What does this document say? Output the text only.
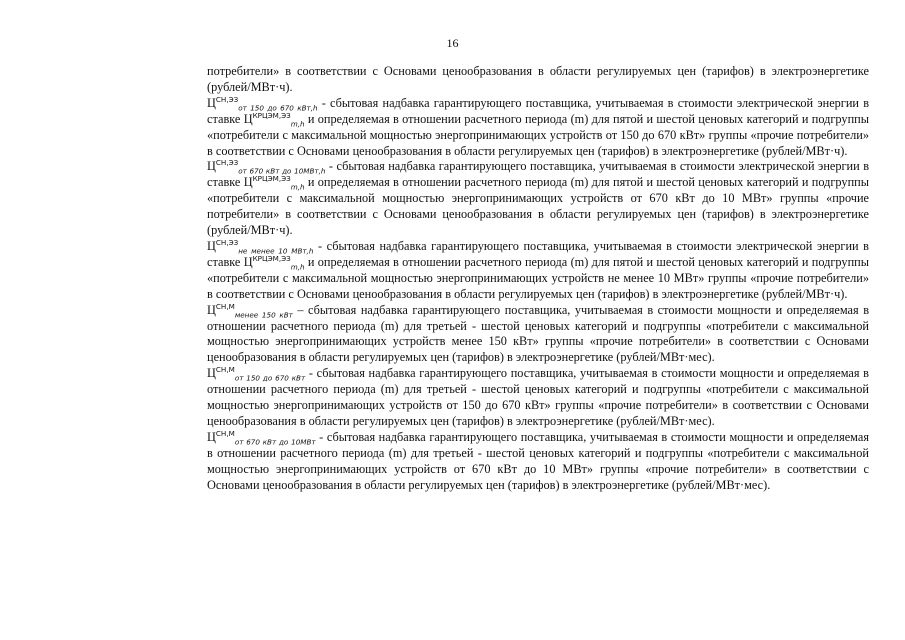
16

потребители» в соответствии с Основами ценообразования в области регулируемых цен (тарифов) в электроэнергетике (рублей/МВт·ч).

$Ц^{СН,ЭЗ}_{от 150 до 670 кВт,h}$ - сбытовая надбавка гарантирующего поставщика, учитываемая в стоимости электрической энергии в ставке $Ц^{КРЦЭМ,ЭЗ}_{m,h}$ и определяемая в отношении расчетного периода (m) для пятой и шестой ценовых категорий и подгруппы «потребители с максимальной мощностью энергопринимающих устройств от 150 до 670 кВт» группы «прочие потребители» в соответствии с Основами ценообразования в области регулируемых цен (тарифов) в электроэнергетике (рублей/МВт·ч).

$Ц^{СН,ЭЗ}_{от 670 кВт до 10МВт,h}$ - сбытовая надбавка гарантирующего поставщика, учитываемая в стоимости электрической энергии в ставке $Ц^{КРЦЭМ,ЭЗ}_{m,h}$ и определяемая в отношении расчетного периода (m) для пятой и шестой ценовых категорий и подгруппы «потребители с максимальной мощностью энергопринимающих устройств от 670 кВт до 10 МВт» группы «прочие потребители» в соответствии с Основами ценообразования в области регулируемых цен (тарифов) в электроэнергетике (рублей/МВт·ч).

$Ц^{СН,ЭЗ}_{не менее 10 МВт,h}$ - сбытовая надбавка гарантирующего поставщика, учитываемая в стоимости электрической энергии в ставке $Ц^{КРЦЭМ,ЭЗ}_{m,h}$ и определяемая в отношении расчетного периода (m) для пятой и шестой ценовых категорий и подгруппы «потребители с максимальной мощностью энергопринимающих устройств не менее 10 МВт» группы «прочие потребители» в соответствии с Основами ценообразования в области регулируемых цен (тарифов) в электроэнергетике (рублей/МВт·ч).

$Ц^{СН,М}_{менее 150 кВт}$ – сбытовая надбавка гарантирующего поставщика, учитываемая в стоимости мощности и определяемая в отношении расчетного периода (m) для третьей - шестой ценовых категорий и подгруппы «потребители с максимальной мощностью энергопринимающих устройств менее 150 кВт» группы «прочие потребители» в соответствии с Основами ценообразования в области регулируемых цен (тарифов) в электроэнергетике (рублей/МВт·мес).

$Ц^{СН,М}_{от 150 до 670 кВт}$ - сбытовая надбавка гарантирующего поставщика, учитываемая в стоимости мощности и определяемая в отношении расчетного периода (m) для третьей - шестой ценовых категорий и подгруппы «потребители с максимальной мощностью энергопринимающих устройств от 150 до 670 кВт» группы «прочие потребители» в соответствии с Основами ценообразования в области регулируемых цен (тарифов) в электроэнергетике (рублей/МВт·мес).

$Ц^{СН,М}_{от 670 кВт до 10МВт}$ - сбытовая надбавка гарантирующего поставщика, учитываемая в стоимости мощности и определяемая в отношении расчетного периода (m) для третьей - шестой ценовых категорий и подгруппы «потребители с максимальной мощностью энергопринимающих устройств от 670 кВт до 10 МВт» группы «прочие потребители» в соответствии с Основами ценообразования в области регулируемых цен (тарифов) в электроэнергетике (рублей/МВт·мес).
